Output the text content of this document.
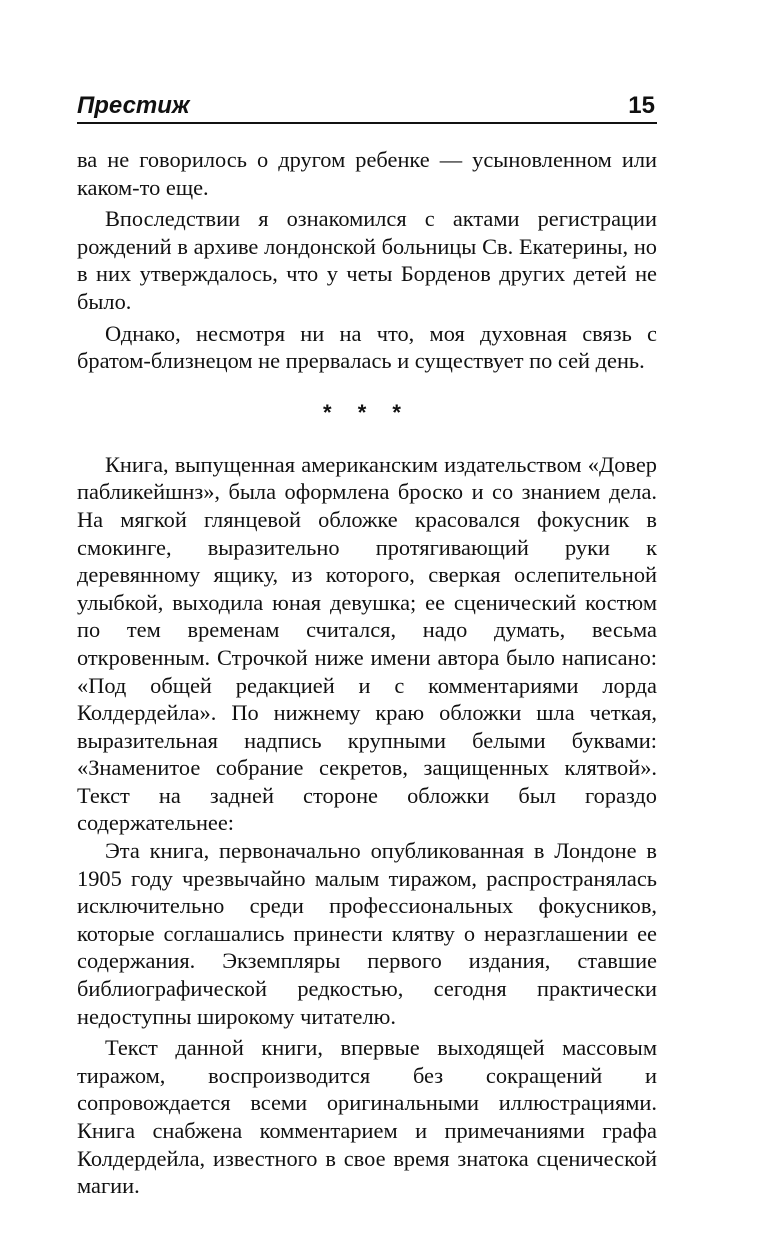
Престиж	15

ва не говорилось о другом ребенке — усыновленном или каком-то еще.

Впоследствии я ознакомился с актами регистрации рождений в архиве лондонской больницы Св. Екатерины, но в них утверждалось, что у четы Борденов других детей не было.

Однако, несмотря ни на что, моя духовная связь с братом-близнецом не прервалась и существует по сей день.

* * *

Книга, выпущенная американским издательством «Довер пабликейшнз», была оформлена броско и со знанием дела. На мягкой глянцевой обложке красовался фокусник в смокинге, выразительно протягивающий руки к деревянному ящику, из которого, сверкая ослепительной улыбкой, выходила юная девушка; ее сценический костюм по тем временам считался, надо думать, весьма откровенным. Строчкой ниже имени автора было написано: «Под общей редакцией и с комментариями лорда Колдердейла». По нижнему краю обложки шла четкая, выразительная надпись крупными белыми буквами: «Знаменитое собрание секретов, защищенных клятвой». Текст на задней стороне обложки был гораздо содержательнее:

Эта книга, первоначально опубликованная в Лондоне в 1905 году чрезвычайно малым тиражом, распространялась исключительно среди профессиональных фокусников, которые соглашались принести клятву о неразглашении ее содержания. Экземпляры первого издания, ставшие библиографической редкостью, сегодня практически недоступны широкому читателю.

Текст данной книги, впервые выходящей массовым тиражом, воспроизводится без сокращений и сопровождается всеми оригинальными иллюстрациями. Книга снабжена комментарием и примечаниями графа Колдердейла, известного в свое время знатока сценической магии.
